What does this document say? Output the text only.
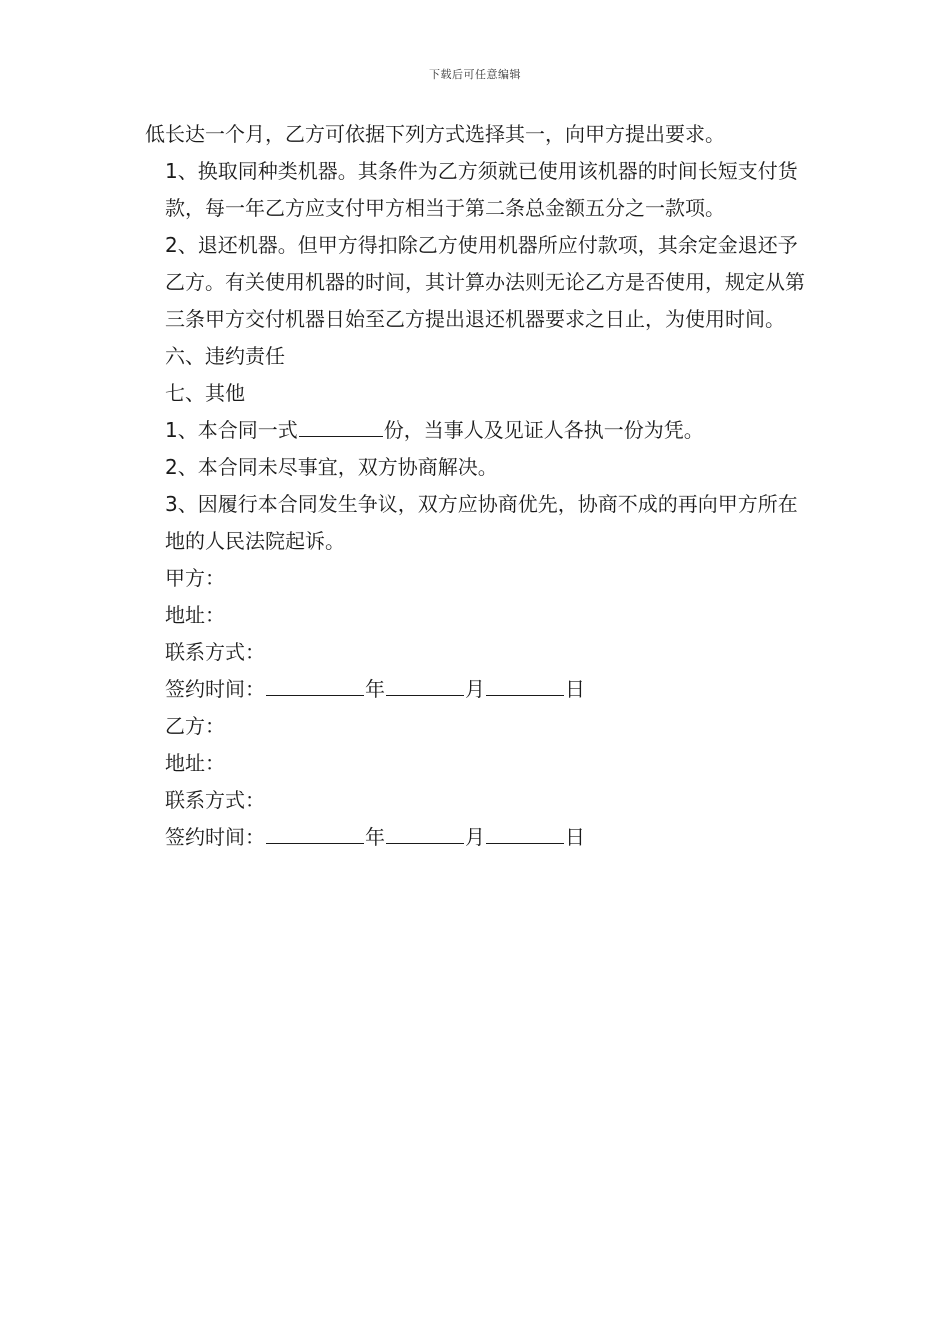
下载后可任意编辑

低长达一个月，乙方可依据下列方式选择其一，向甲方提出要求。

1、换取同种类机器。其条件为乙方须就已使用该机器的时间长短支付货款，每一年乙方应支付甲方相当于第二条总金额五分之一款项。

2、退还机器。但甲方得扣除乙方使用机器所应付款项，其余定金退还予乙方。有关使用机器的时间，其计算办法则无论乙方是否使用，规定从第三条甲方交付机器日始至乙方提出退还机器要求之日止，为使用时间。

六、违约责任

七、其他

1、本合同一式	份，当事人及见证人各执一份为凭。

2、本合同未尽事宜，双方协商解决。

3、因履行本合同发生争议，双方应协商优先，协商不成的再向甲方所在地的人民法院起诉。

甲方：

地址：

联系方式：

签约时间：	年	月	日

乙方：

地址：

联系方式：

签约时间：	年	月	日
